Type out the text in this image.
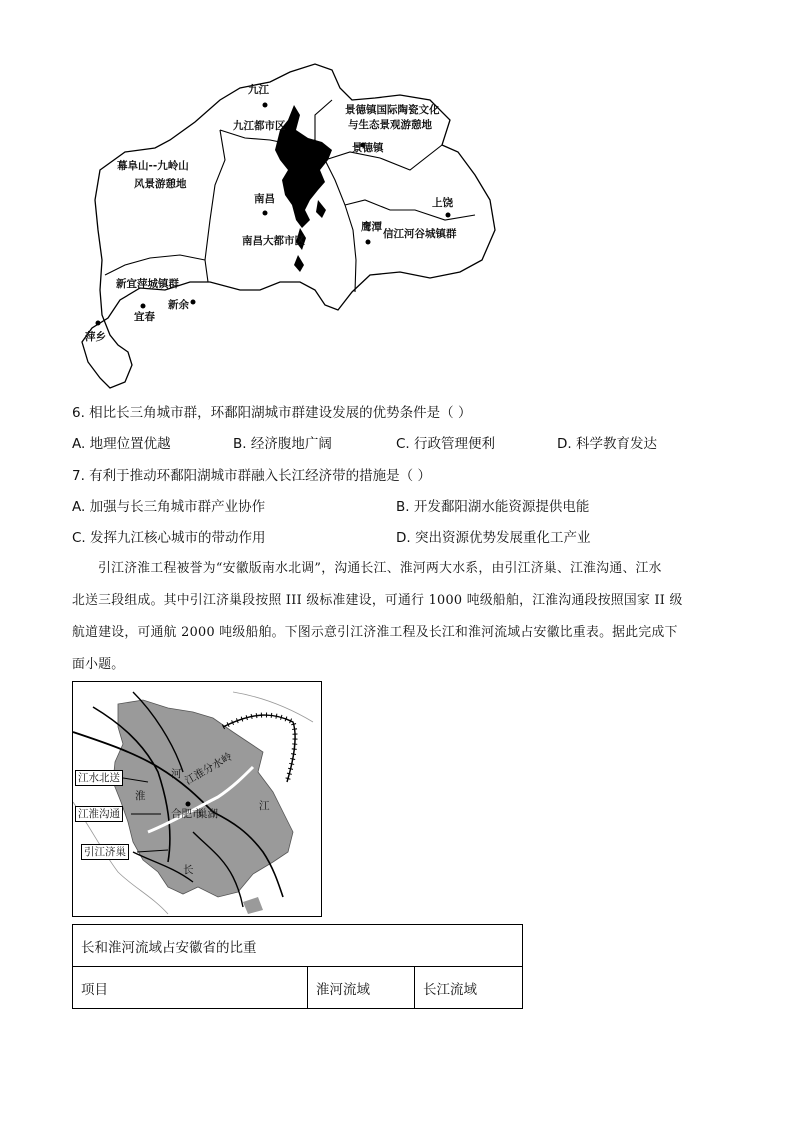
九江
九江都市区
景德镇国际陶瓷文化
与生态景观游憩地
景德镇
幕阜山--九岭山
风景游憩地
南昌
南昌大都市区
上饶
鹰潭
信江河谷城镇群
新宜萍城镇群
新余
宜春
萍乡
6. 相比长三角城市群，环鄱阳湖城市群建设发展的优势条件是（ ）
A. 地理位置优越	B. 经济腹地广阔	C. 行政管理便利	D. 科学教育发达
7. 有利于推动环鄱阳湖城市群融入长江经济带的措施是（ ）
A. 加强与长三角城市群产业协作	B. 开发鄱阳湖水能资源提供电能
C. 发挥九江核心城市的带动作用	D. 突出资源优势发展重化工产业
引江济淮工程被誉为“安徽版南水北调”，沟通长江、淮河两大水系，由引江济巢、江淮沟通、江水
北送三段组成。其中引江济巢段按照 III 级标准建设，可通行 1000 吨级船舶，江淮沟通段按照国家 II 级
航道建设，可通航 2000 吨级船舶。下图示意引江济淮工程及长江和淮河流域占安徽比重表。据此完成下
面小题。
江水北送
江淮沟通
引江济巢
淮
河 江淮分水岭
合肥市
巢湖
江
长
长和淮河流域占安徽省的比重
项目	淮河流域	长江流域
